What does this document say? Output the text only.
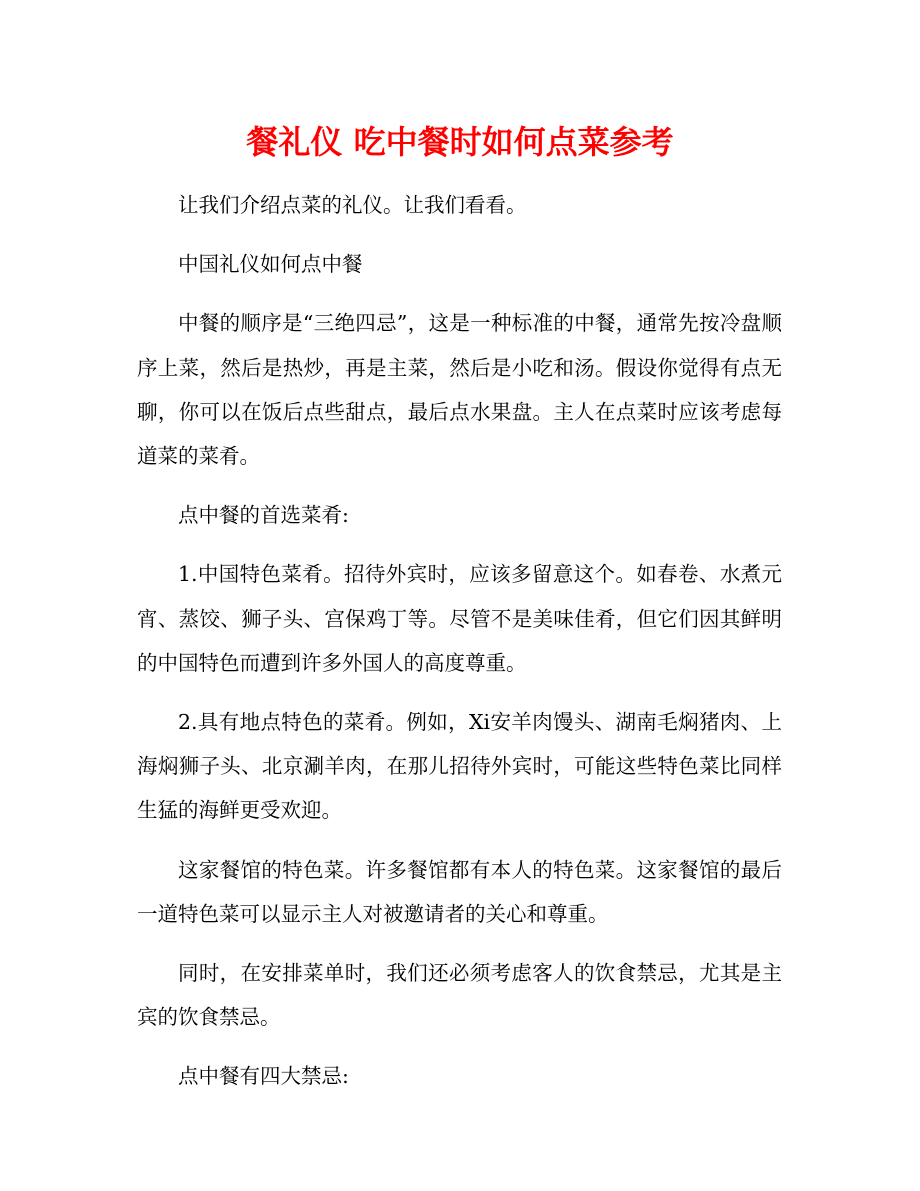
餐礼仪 吃中餐时如何点菜参考

让我们介绍点菜的礼仪。让我们看看。

中国礼仪如何点中餐

中餐的顺序是“三绝四忌”，这是一种标准的中餐，通常先按冷盘顺序上菜，然后是热炒，再是主菜，然后是小吃和汤。假设你觉得有点无聊，你可以在饭后点些甜点，最后点水果盘。主人在点菜时应该考虑每道菜的菜肴。

点中餐的首选菜肴:

1.中国特色菜肴。招待外宾时，应该多留意这个。如春卷、水煮元宵、蒸饺、狮子头、宫保鸡丁等。尽管不是美味佳肴，但它们因其鲜明的中国特色而遭到许多外国人的高度尊重。

2.具有地点特色的菜肴。例如，Xi安羊肉馒头、湖南毛焖猪肉、上海焖狮子头、北京涮羊肉，在那儿招待外宾时，可能这些特色菜比同样生猛的海鲜更受欢迎。

这家餐馆的特色菜。许多餐馆都有本人的特色菜。这家餐馆的最后一道特色菜可以显示主人对被邀请者的关心和尊重。

同时，在安排菜单时，我们还必须考虑客人的饮食禁忌，尤其是主宾的饮食禁忌。

点中餐有四大禁忌:
